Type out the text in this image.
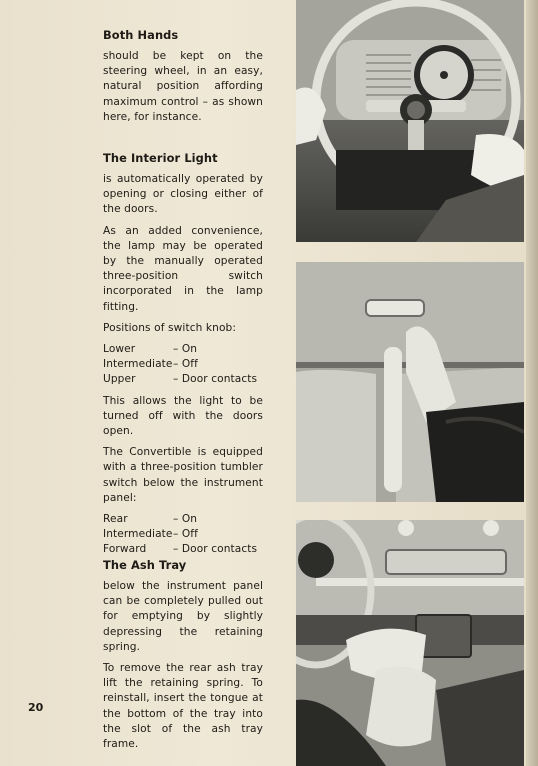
Both Hands

should be kept on the steering wheel, in an easy, natural position affording maximum control – as shown here, for instance.

The Interior Light

is automatically operated by opening or closing either of the doors.

As an added convenience, the lamp may be operated by the manually operated three-position switch incorporated in the lamp fitting.

Positions of switch knob:

Lower	– On
Intermediate – Off
Upper	– Door contacts

This allows the light to be turned off with the doors open.

The Convertible is equipped with a three-position tumbler switch below the instrument panel:

Rear	– On
Intermediate – Off
Forward	– Door contacts
The Ash Tray

below the instrument panel can be completely pulled out for emptying by slightly depressing the retaining spring.

To remove the rear ash tray lift the retaining spring. To reinstall, insert the tongue at the bottom of the tray into the slot of the ash tray frame.

20
